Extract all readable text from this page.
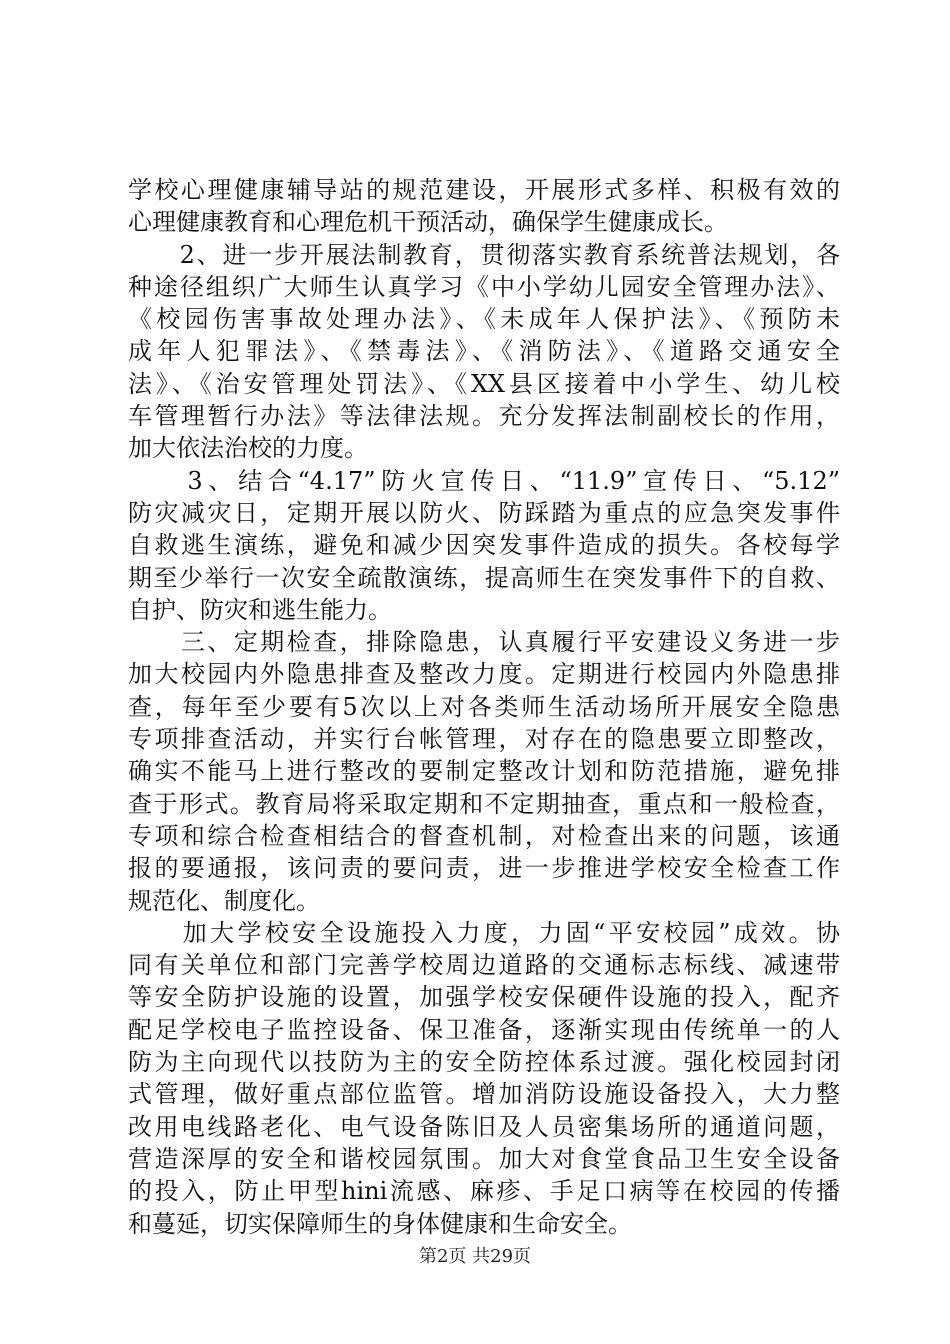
学校心理健康辅导站的规范建设，开展形式多样、积极有效的
心理健康教育和心理危机干预活动，确保学生健康成长。
　　2、进一步开展法制教育，贯彻落实教育系统普法规划，各
种途径组织广大师生认真学习《中小学幼儿园安全管理办法》、
《校园伤害事故处理办法》、《未成年人保护法》、《预防未
成年人犯罪法》、《禁毒法》、《消防法》、《道路交通安全
法》、《治安管理处罚法》、《XX县区接着中小学生、幼儿校
车管理暂行办法》等法律法规。充分发挥法制副校长的作用，
加大依法治校的力度。
　　3、结合“4.17”防火宣传日、“11.9”宣传日、“5.12”
防灾减灾日，定期开展以防火、防踩踏为重点的应急突发事件
自救逃生演练，避免和减少因突发事件造成的损失。各校每学
期至少举行一次安全疏散演练，提高师生在突发事件下的自救、
自护、防灾和逃生能力。
　　三、定期检查，排除隐患，认真履行平安建设义务进一步
加大校园内外隐患排查及整改力度。定期进行校园内外隐患排
查，每年至少要有5次以上对各类师生活动场所开展安全隐患
专项排查活动，并实行台帐管理，对存在的隐患要立即整改，
确实不能马上进行整改的要制定整改计划和防范措施，避免排
查于形式。教育局将采取定期和不定期抽查，重点和一般检查，
专项和综合检查相结合的督查机制，对检查出来的问题，该通
报的要通报，该问责的要问责，进一步推进学校安全检查工作
规范化、制度化。
　　加大学校安全设施投入力度，力固“平安校园”成效。协
同有关单位和部门完善学校周边道路的交通标志标线、减速带
等安全防护设施的设置，加强学校安保硬件设施的投入，配齐
配足学校电子监控设备、保卫准备，逐渐实现由传统单一的人
防为主向现代以技防为主的安全防控体系过渡。强化校园封闭
式管理，做好重点部位监管。增加消防设施设备投入，大力整
改用电线路老化、电气设备陈旧及人员密集场所的通道问题，
营造深厚的安全和谐校园氛围。加大对食堂食品卫生安全设备
的投入，防止甲型hini流感、麻疹、手足口病等在校园的传播
和蔓延，切实保障师生的身体健康和生命安全。
第2页 共29页
